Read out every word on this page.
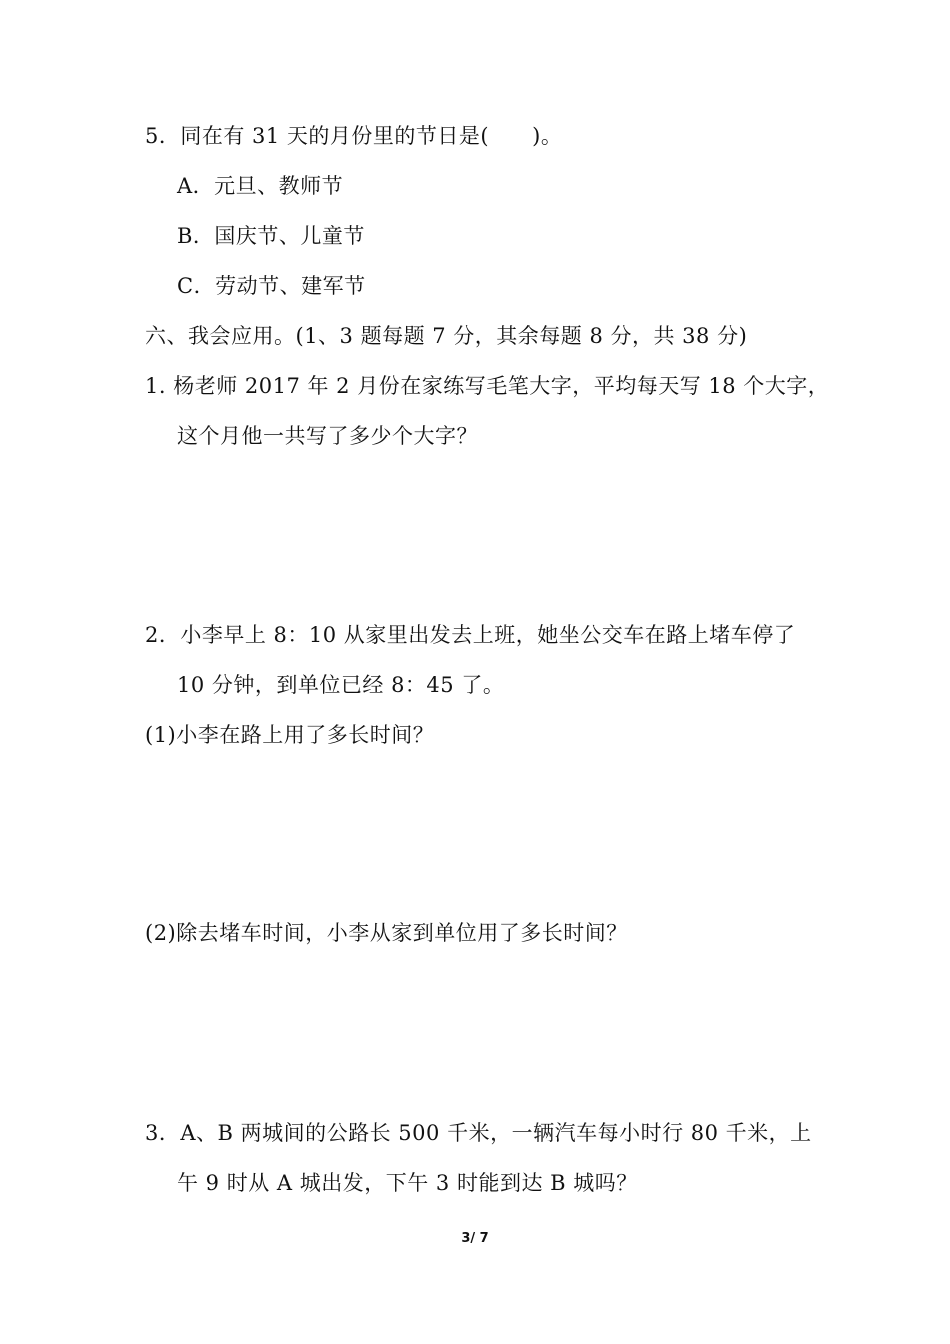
5．同在有 31 天的月份里的节日是(　　)。
A．元旦、教师节
B．国庆节、儿童节
C．劳动节、建军节
六、我会应用。(1、3 题每题 7 分，其余每题 8 分，共 38 分)
1. 杨老师 2017 年 2 月份在家练写毛笔大字，平均每天写 18 个大字，
这个月他一共写了多少个大字？
2．小李早上 8：10 从家里出发去上班，她坐公交车在路上堵车停了
10 分钟，到单位已经 8：45 了。
(1)小李在路上用了多长时间？
(2)除去堵车时间，小李从家到单位用了多长时间？
3．A、B 两城间的公路长 500 千米，一辆汽车每小时行 80 千米，上
午 9 时从 A 城出发，下午 3 时能到达 B 城吗？
3/ 7
